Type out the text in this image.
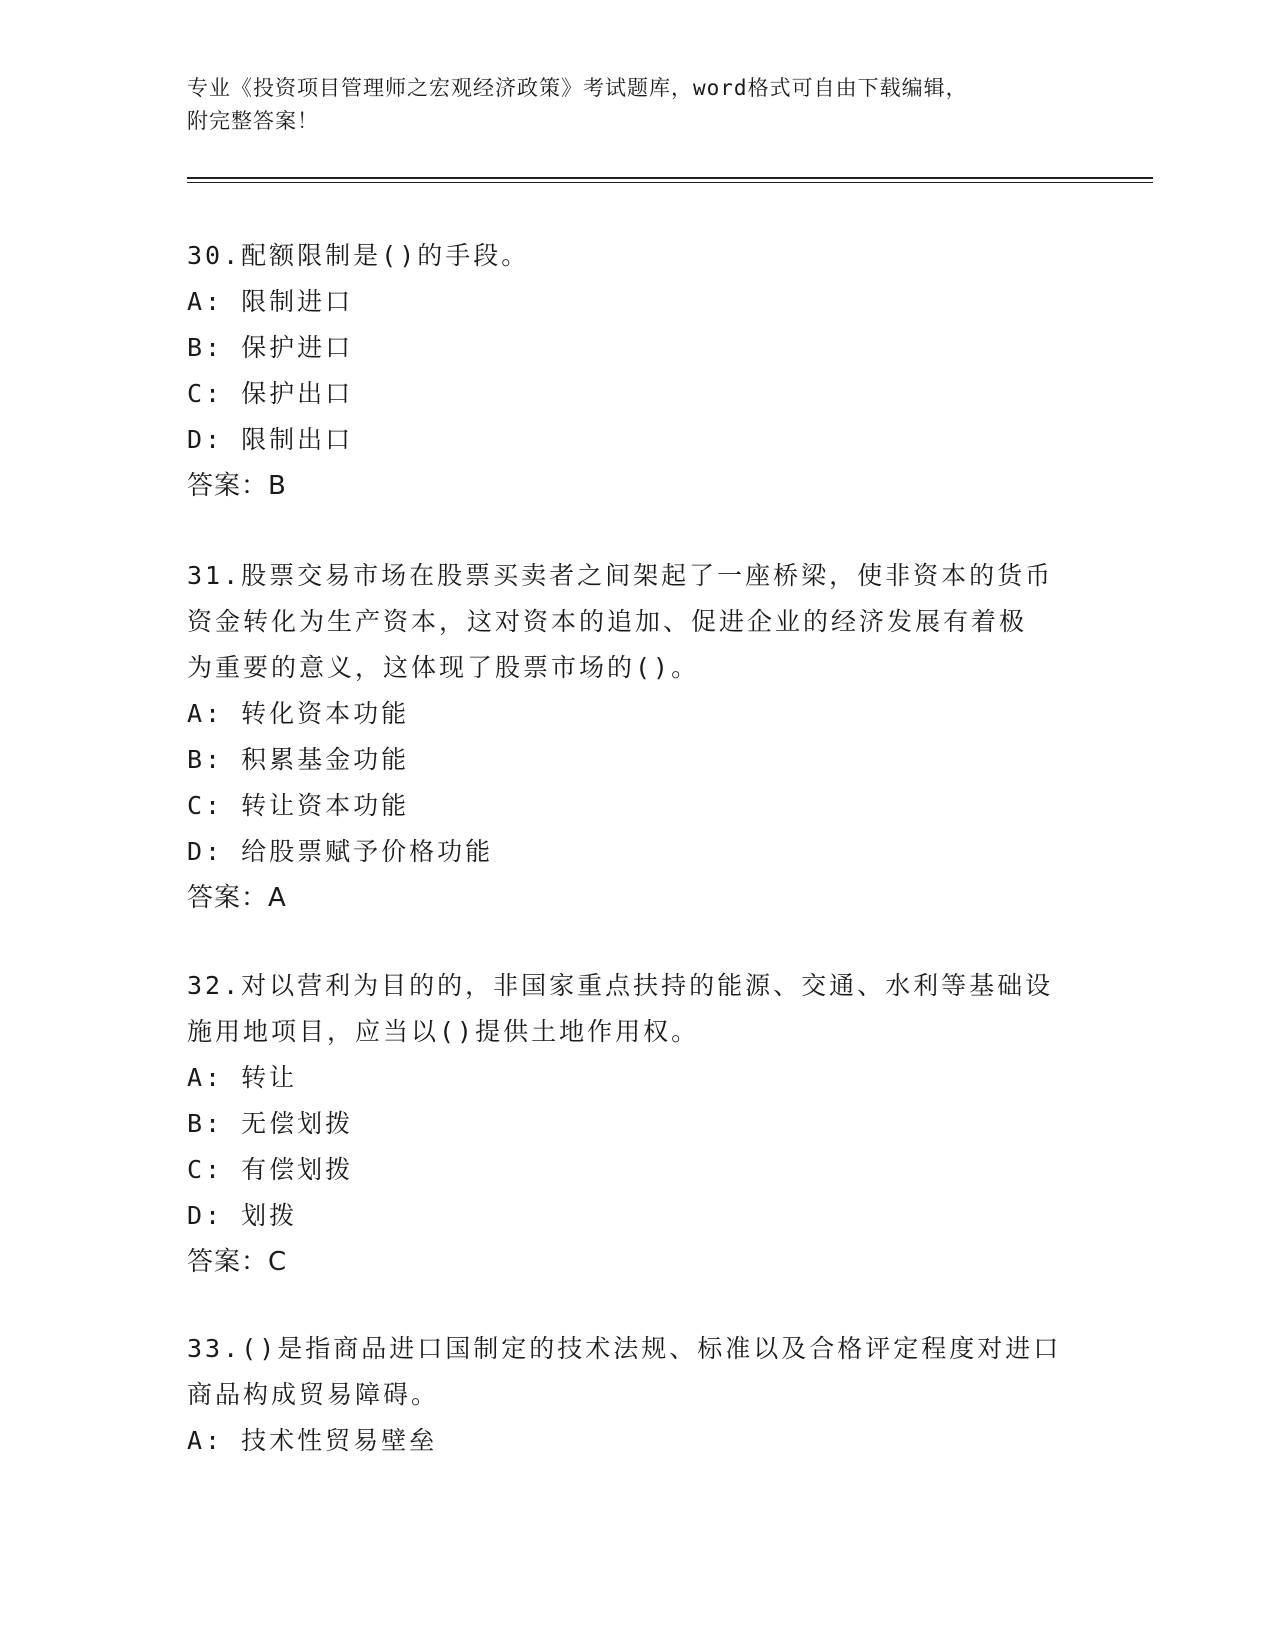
专业《投资项目管理师之宏观经济政策》考试题库，word格式可自由下载编辑，
附完整答案！
30.配额限制是()的手段。
A: 限制进口
B: 保护进口
C: 保护出口
D: 限制出口
答案：B
31.股票交易市场在股票买卖者之间架起了一座桥梁，使非资本的货币
资金转化为生产资本，这对资本的追加、促进企业的经济发展有着极
为重要的意义，这体现了股票市场的()。
A: 转化资本功能
B: 积累基金功能
C: 转让资本功能
D: 给股票赋予价格功能
答案：A
32.对以营利为目的的，非国家重点扶持的能源、交通、水利等基础设
施用地项目，应当以()提供土地作用权。
A: 转让
B: 无偿划拨
C: 有偿划拨
D: 划拨
答案：C
33.()是指商品进口国制定的技术法规、标准以及合格评定程度对进口
商品构成贸易障碍。
A: 技术性贸易壁垒
